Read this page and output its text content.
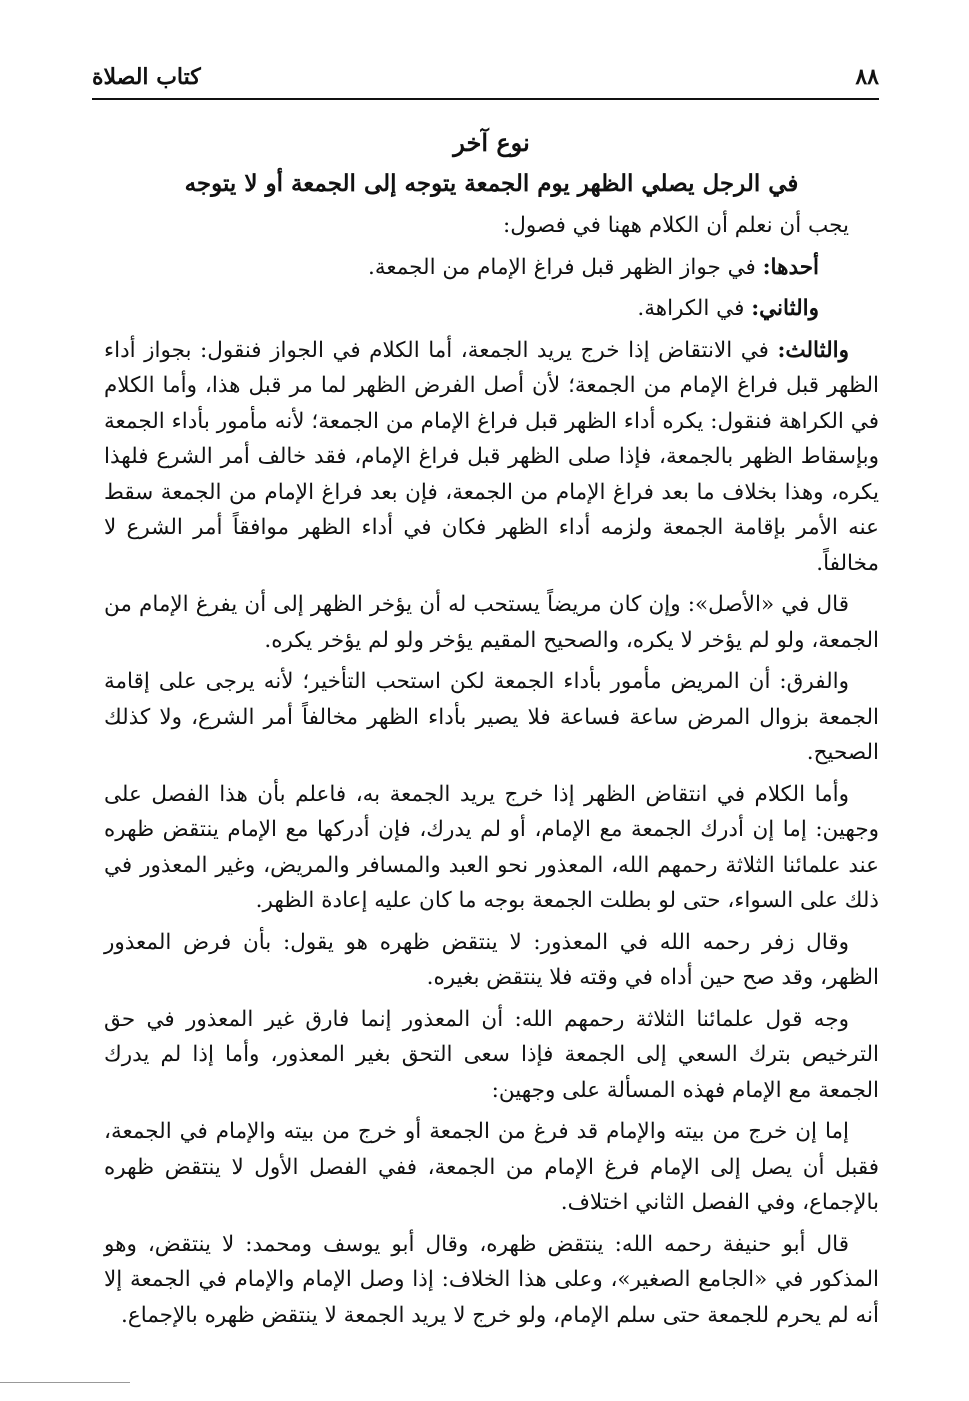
٨٨
كتاب الصلاة
نوع آخر
في الرجل يصلي الظهر يوم الجمعة يتوجه إلى الجمعة أو لا يتوجه

يجب أن نعلم أن الكلام ههنا في فصول:

أحدها: في جواز الظهر قبل فراغ الإمام من الجمعة.

والثاني: في الكراهة.

والثالث: في الانتقاض إذا خرج يريد الجمعة، أما الكلام في الجواز فنقول: بجواز أداء الظهر قبل فراغ الإمام من الجمعة؛ لأن أصل الفرض الظهر لما مر قبل هذا، وأما الكلام في الكراهة فنقول: يكره أداء الظهر قبل فراغ الإمام من الجمعة؛ لأنه مأمور بأداء الجمعة وبإسقاط الظهر بالجمعة، فإذا صلى الظهر قبل فراغ الإمام، فقد خالف أمر الشرع فلهذا يكره، وهذا بخلاف ما بعد فراغ الإمام من الجمعة، فإن بعد فراغ الإمام من الجمعة سقط عنه الأمر بإقامة الجمعة ولزمه أداء الظهر فكان في أداء الظهر موافقاً أمر الشرع لا مخالفاً.

قال في «الأصل»: وإن كان مريضاً يستحب له أن يؤخر الظهر إلى أن يفرغ الإمام من الجمعة، ولو لم يؤخر لا يكره، والصحيح المقيم يؤخر ولو لم يؤخر يكره.

والفرق: أن المريض مأمور بأداء الجمعة لكن استحب التأخير؛ لأنه يرجى على إقامة الجمعة بزوال المرض ساعة فساعة فلا يصير بأداء الظهر مخالفاً أمر الشرع، ولا كذلك الصحيح.

وأما الكلام في انتقاض الظهر إذا خرج يريد الجمعة به، فاعلم بأن هذا الفصل على وجهين: إما إن أدرك الجمعة مع الإمام، أو لم يدرك، فإن أدركها مع الإمام ينتقض ظهره عند علمائنا الثلاثة رحمهم الله، المعذور نحو العبد والمسافر والمريض، وغير المعذور في ذلك على السواء، حتى لو بطلت الجمعة بوجه ما كان عليه إعادة الظهر.

وقال زفر رحمه الله في المعذور: لا ينتقض ظهره هو يقول: بأن فرض المعذور الظهر، وقد صح حين أداه في وقته فلا ينتقض بغيره.

وجه قول علمائنا الثلاثة رحمهم الله: أن المعذور إنما فارق غير المعذور في حق الترخيص بترك السعي إلى الجمعة فإذا سعى التحق بغير المعذور، وأما إذا لم يدرك الجمعة مع الإمام فهذه المسألة على وجهين:

إما إن خرج من بيته والإمام قد فرغ من الجمعة أو خرج من بيته والإمام في الجمعة، فقبل أن يصل إلى الإمام فرغ الإمام من الجمعة، ففي الفصل الأول لا ينتقض ظهره بالإجماع، وفي الفصل الثاني اختلاف.

قال أبو حنيفة رحمه الله: ينتقض ظهره، وقال أبو يوسف ومحمد: لا ينتقض، وهو المذكور في «الجامع الصغير»، وعلى هذا الخلاف: إذا وصل الإمام والإمام في الجمعة إلا أنه لم يحرم للجمعة حتى سلم الإمام، ولو خرج لا يريد الجمعة لا ينتقض ظهره بالإجماع.
